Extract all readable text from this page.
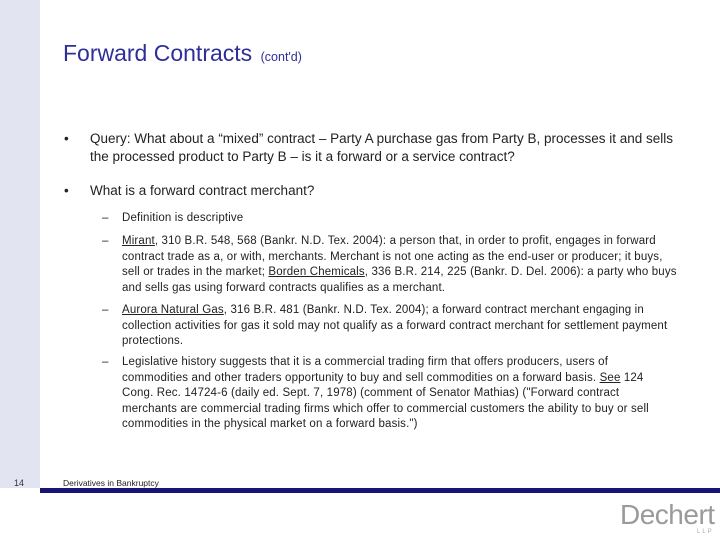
Forward Contracts (cont'd)
•	Query: What about a “mixed” contract – Party A purchase gas from Party B, processes it and sells the processed product to Party B – is it a forward or a service contract?
•	What is a forward contract merchant?
–	Definition is descriptive
–	Mirant, 310 B.R. 548, 568 (Bankr. N.D. Tex. 2004): a person that, in order to profit, engages in forward contract trade as a, or with, merchants. Merchant is not one acting as the end-user or producer; it buys, sell or trades in the market; Borden Chemicals, 336 B.R. 214, 225 (Bankr. D. Del. 2006): a party who buys and sells gas using forward contracts qualifies as a merchant.
–	Aurora Natural Gas, 316 B.R. 481 (Bankr. N.D. Tex. 2004); a forward contract merchant engaging in collection activities for gas it sold may not qualify as a forward contract merchant for settlement payment protections.
–	Legislative history suggests that it is a commercial trading firm that offers producers, users of commodities and other traders opportunity to buy and sell commodities on a forward basis. See 124 Cong. Rec. 14724-6 (daily ed. Sept. 7, 1978) (comment of Senator Mathias) ("Forward contract merchants are commercial trading firms which offer to commercial customers the ability to buy or sell commodities in the physical market on a forward basis.")
14	Derivatives in Bankruptcy
Dechert
LLP
